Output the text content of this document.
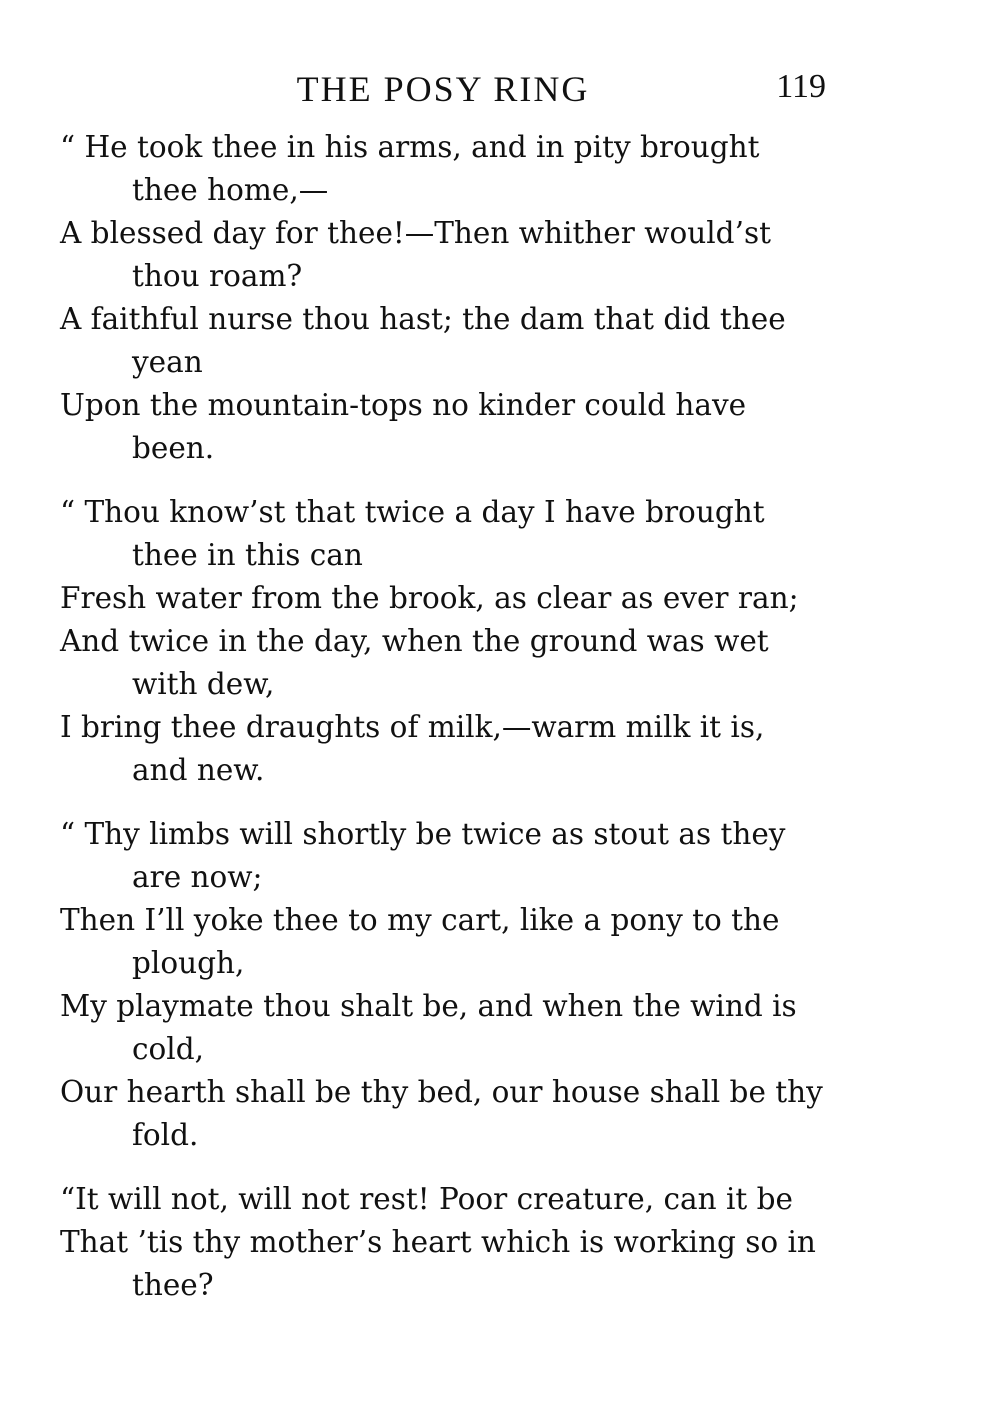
THE POSY RING	119
“ He took thee in his arms, and in pity brought thee home,—
A blessed day for thee!—Then whither would’st thou roam?
A faithful nurse thou hast; the dam that did thee yean
Upon the mountain-tops no kinder could have been.
“ Thou know’st that twice a day I have brought thee in this can
Fresh water from the brook, as clear as ever ran;
And twice in the day, when the ground was wet with dew,
I bring thee draughts of milk,—warm milk it is, and new.
“ Thy limbs will shortly be twice as stout as they are now;
Then I’ll yoke thee to my cart, like a pony to the plough,
My playmate thou shalt be, and when the wind is cold,
Our hearth shall be thy bed, our house shall be thy fold.
“It will not, will not rest! Poor creature, can it be
That ’tis thy mother’s heart which is working so in thee?
